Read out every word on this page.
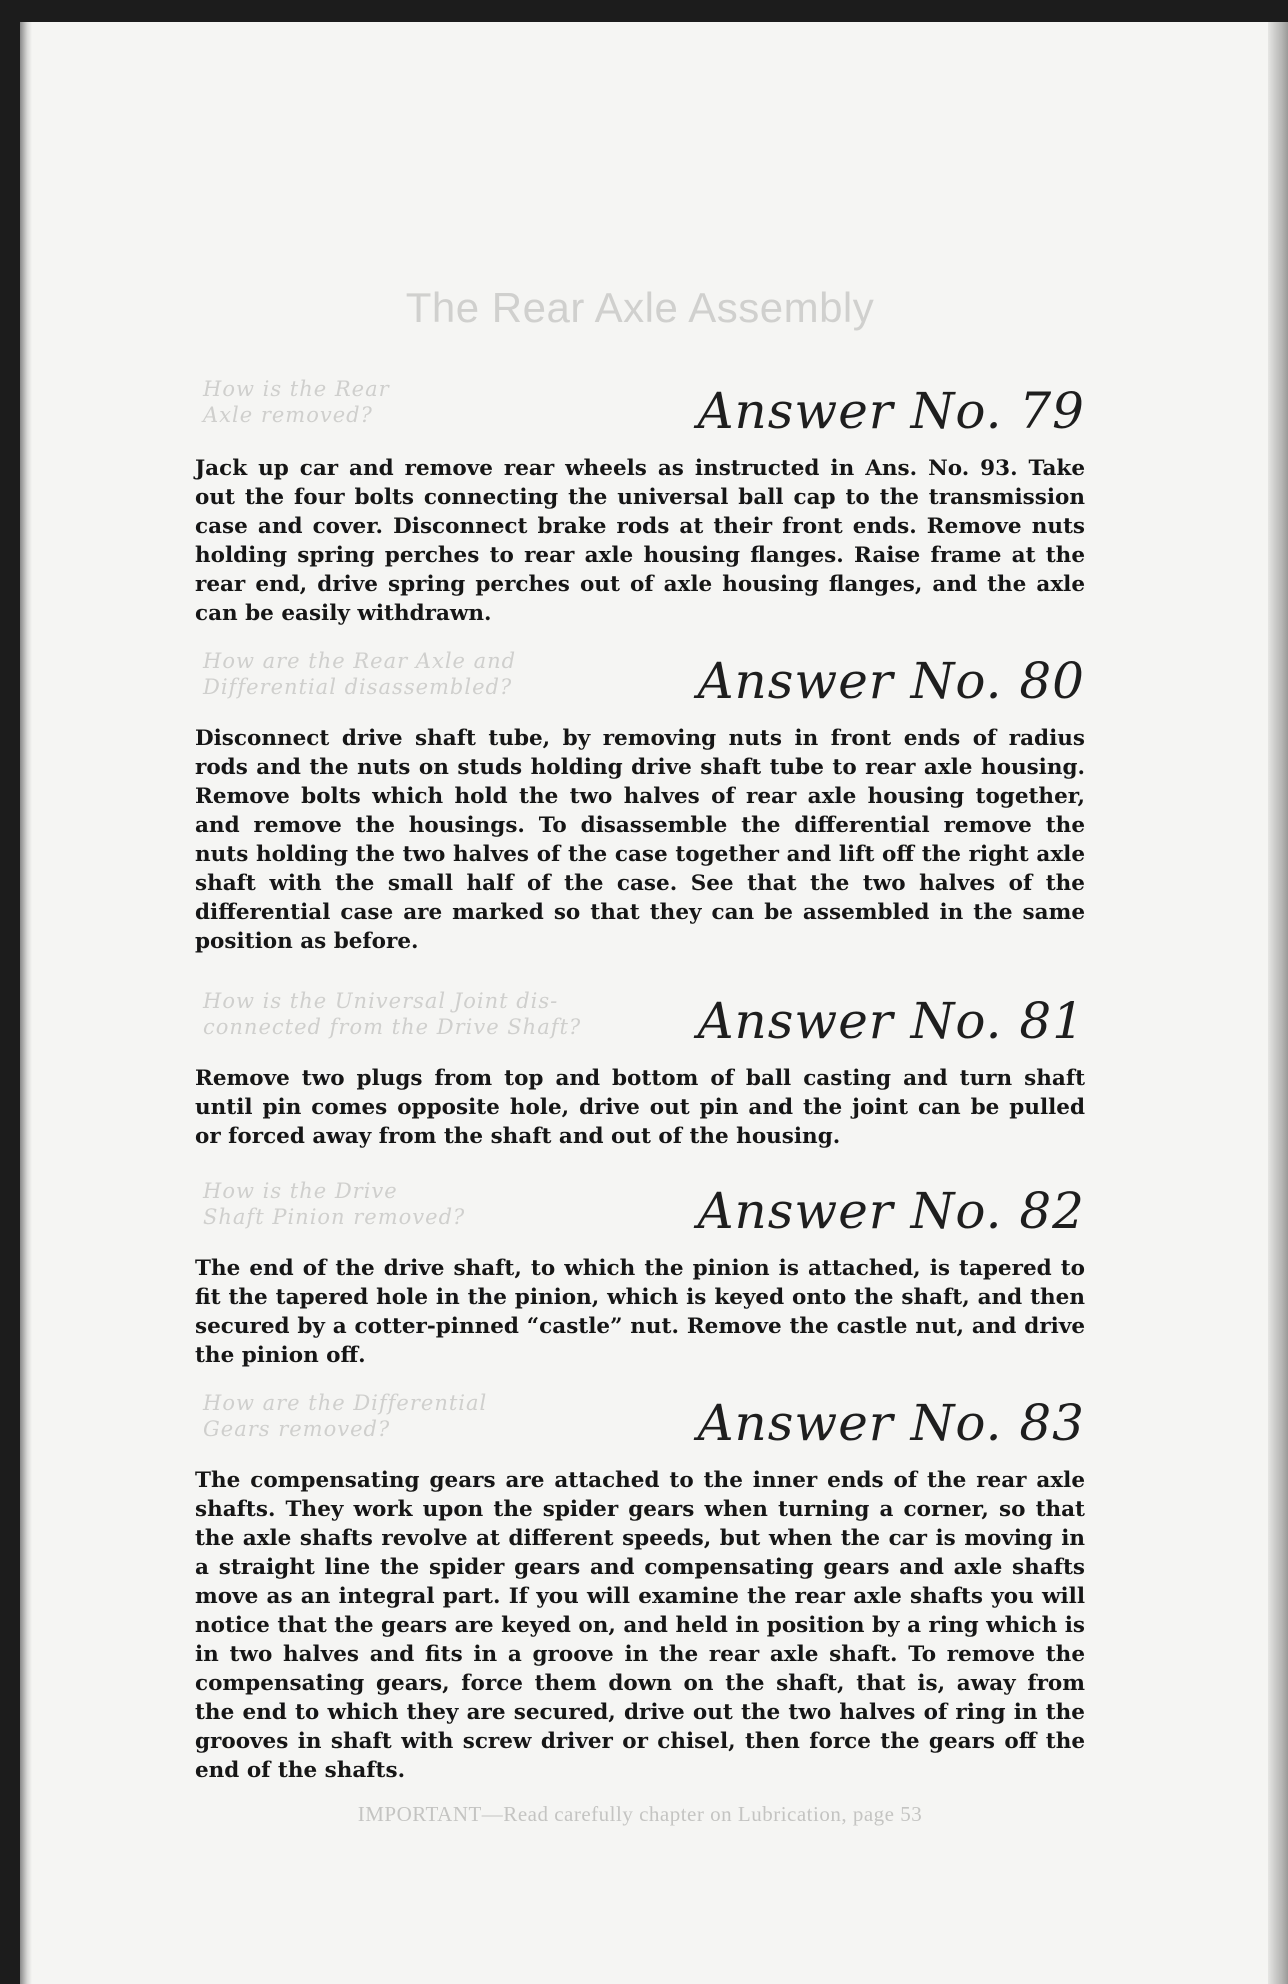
The Rear Axle Assembly
How is the Rear
Axle removed?	Answer No. 79

Jack up car and remove rear wheels as instructed in Ans. No. 93. Take out the four bolts connecting the universal ball cap to the transmission case and cover. Disconnect brake rods at their front ends. Remove nuts holding spring perches to rear axle housing flanges. Raise frame at the rear end, drive spring perches out of axle housing flanges, and the axle can be easily withdrawn.

How are the Rear Axle and
Differential disassembled?	Answer No. 80

Disconnect drive shaft tube, by removing nuts in front ends of radius rods and the nuts on studs holding drive shaft tube to rear axle housing. Remove bolts which hold the two halves of rear axle housing together, and remove the housings. To disassemble the differential remove the nuts holding the two halves of the case together and lift off the right axle shaft with the small half of the case. See that the two halves of the differential case are marked so that they can be assembled in the same position as before.

How is the Universal Joint dis-
connected from the Drive Shaft?	Answer No. 81

Remove two plugs from top and bottom of ball casting and turn shaft until pin comes opposite hole, drive out pin and the joint can be pulled or forced away from the shaft and out of the housing.

How is the Drive
Shaft Pinion removed?	Answer No. 82

The end of the drive shaft, to which the pinion is attached, is tapered to fit the tapered hole in the pinion, which is keyed onto the shaft, and then secured by a cotter-pinned “castle” nut. Remove the castle nut, and drive the pinion off.

How are the Differential
Gears removed?	Answer No. 83

The compensating gears are attached to the inner ends of the rear axle shafts. They work upon the spider gears when turning a corner, so that the axle shafts revolve at different speeds, but when the car is moving in a straight line the spider gears and compensating gears and axle shafts move as an integral part. If you will examine the rear axle shafts you will notice that the gears are keyed on, and held in position by a ring which is in two halves and fits in a groove in the rear axle shaft. To remove the compensating gears, force them down on the shaft, that is, away from the end to which they are secured, drive out the two halves of ring in the grooves in shaft with screw driver or chisel, then force the gears off the end of the shafts.

IMPORTANT—Read carefully chapter on Lubrication, page 53
